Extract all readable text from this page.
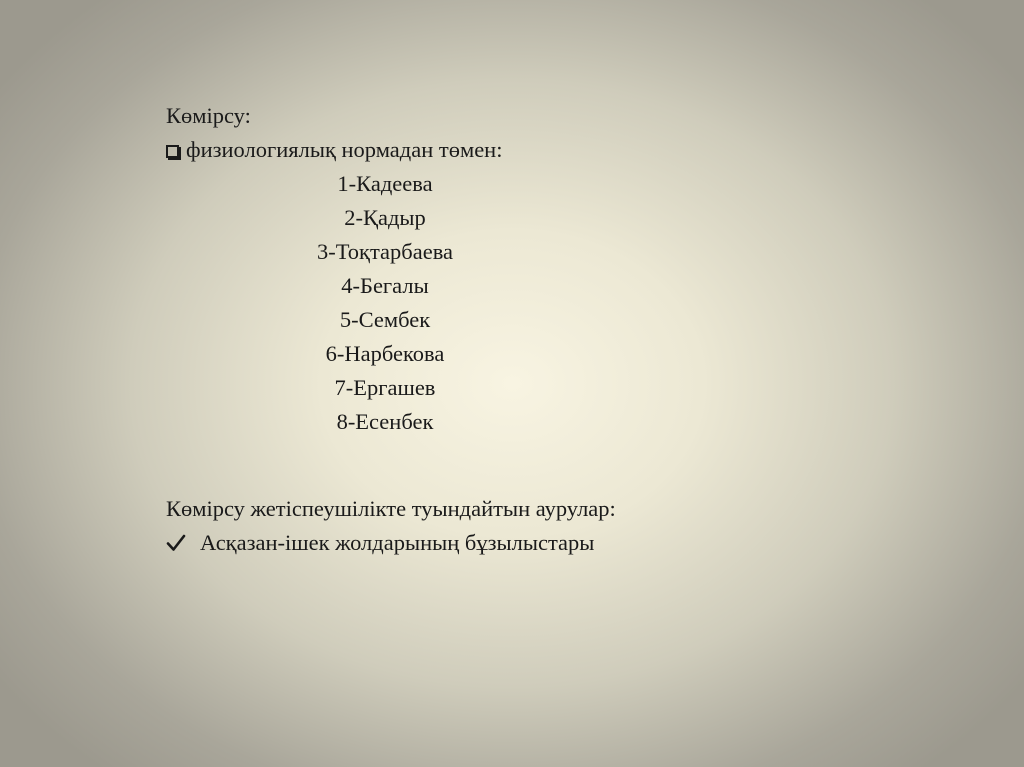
Көмірсу:
физиологиялық нормадан төмен:
1-Кадеева
2-Қадыр
3-Тоқтарбаева
4-Бегалы
5-Сембек
6-Нарбекова
7-Ергашев
8-Есенбек
Көмірсу жетіспеушілікте туындайтын аурулар:
Асқазан-ішек жолдарының бұзылыстары
